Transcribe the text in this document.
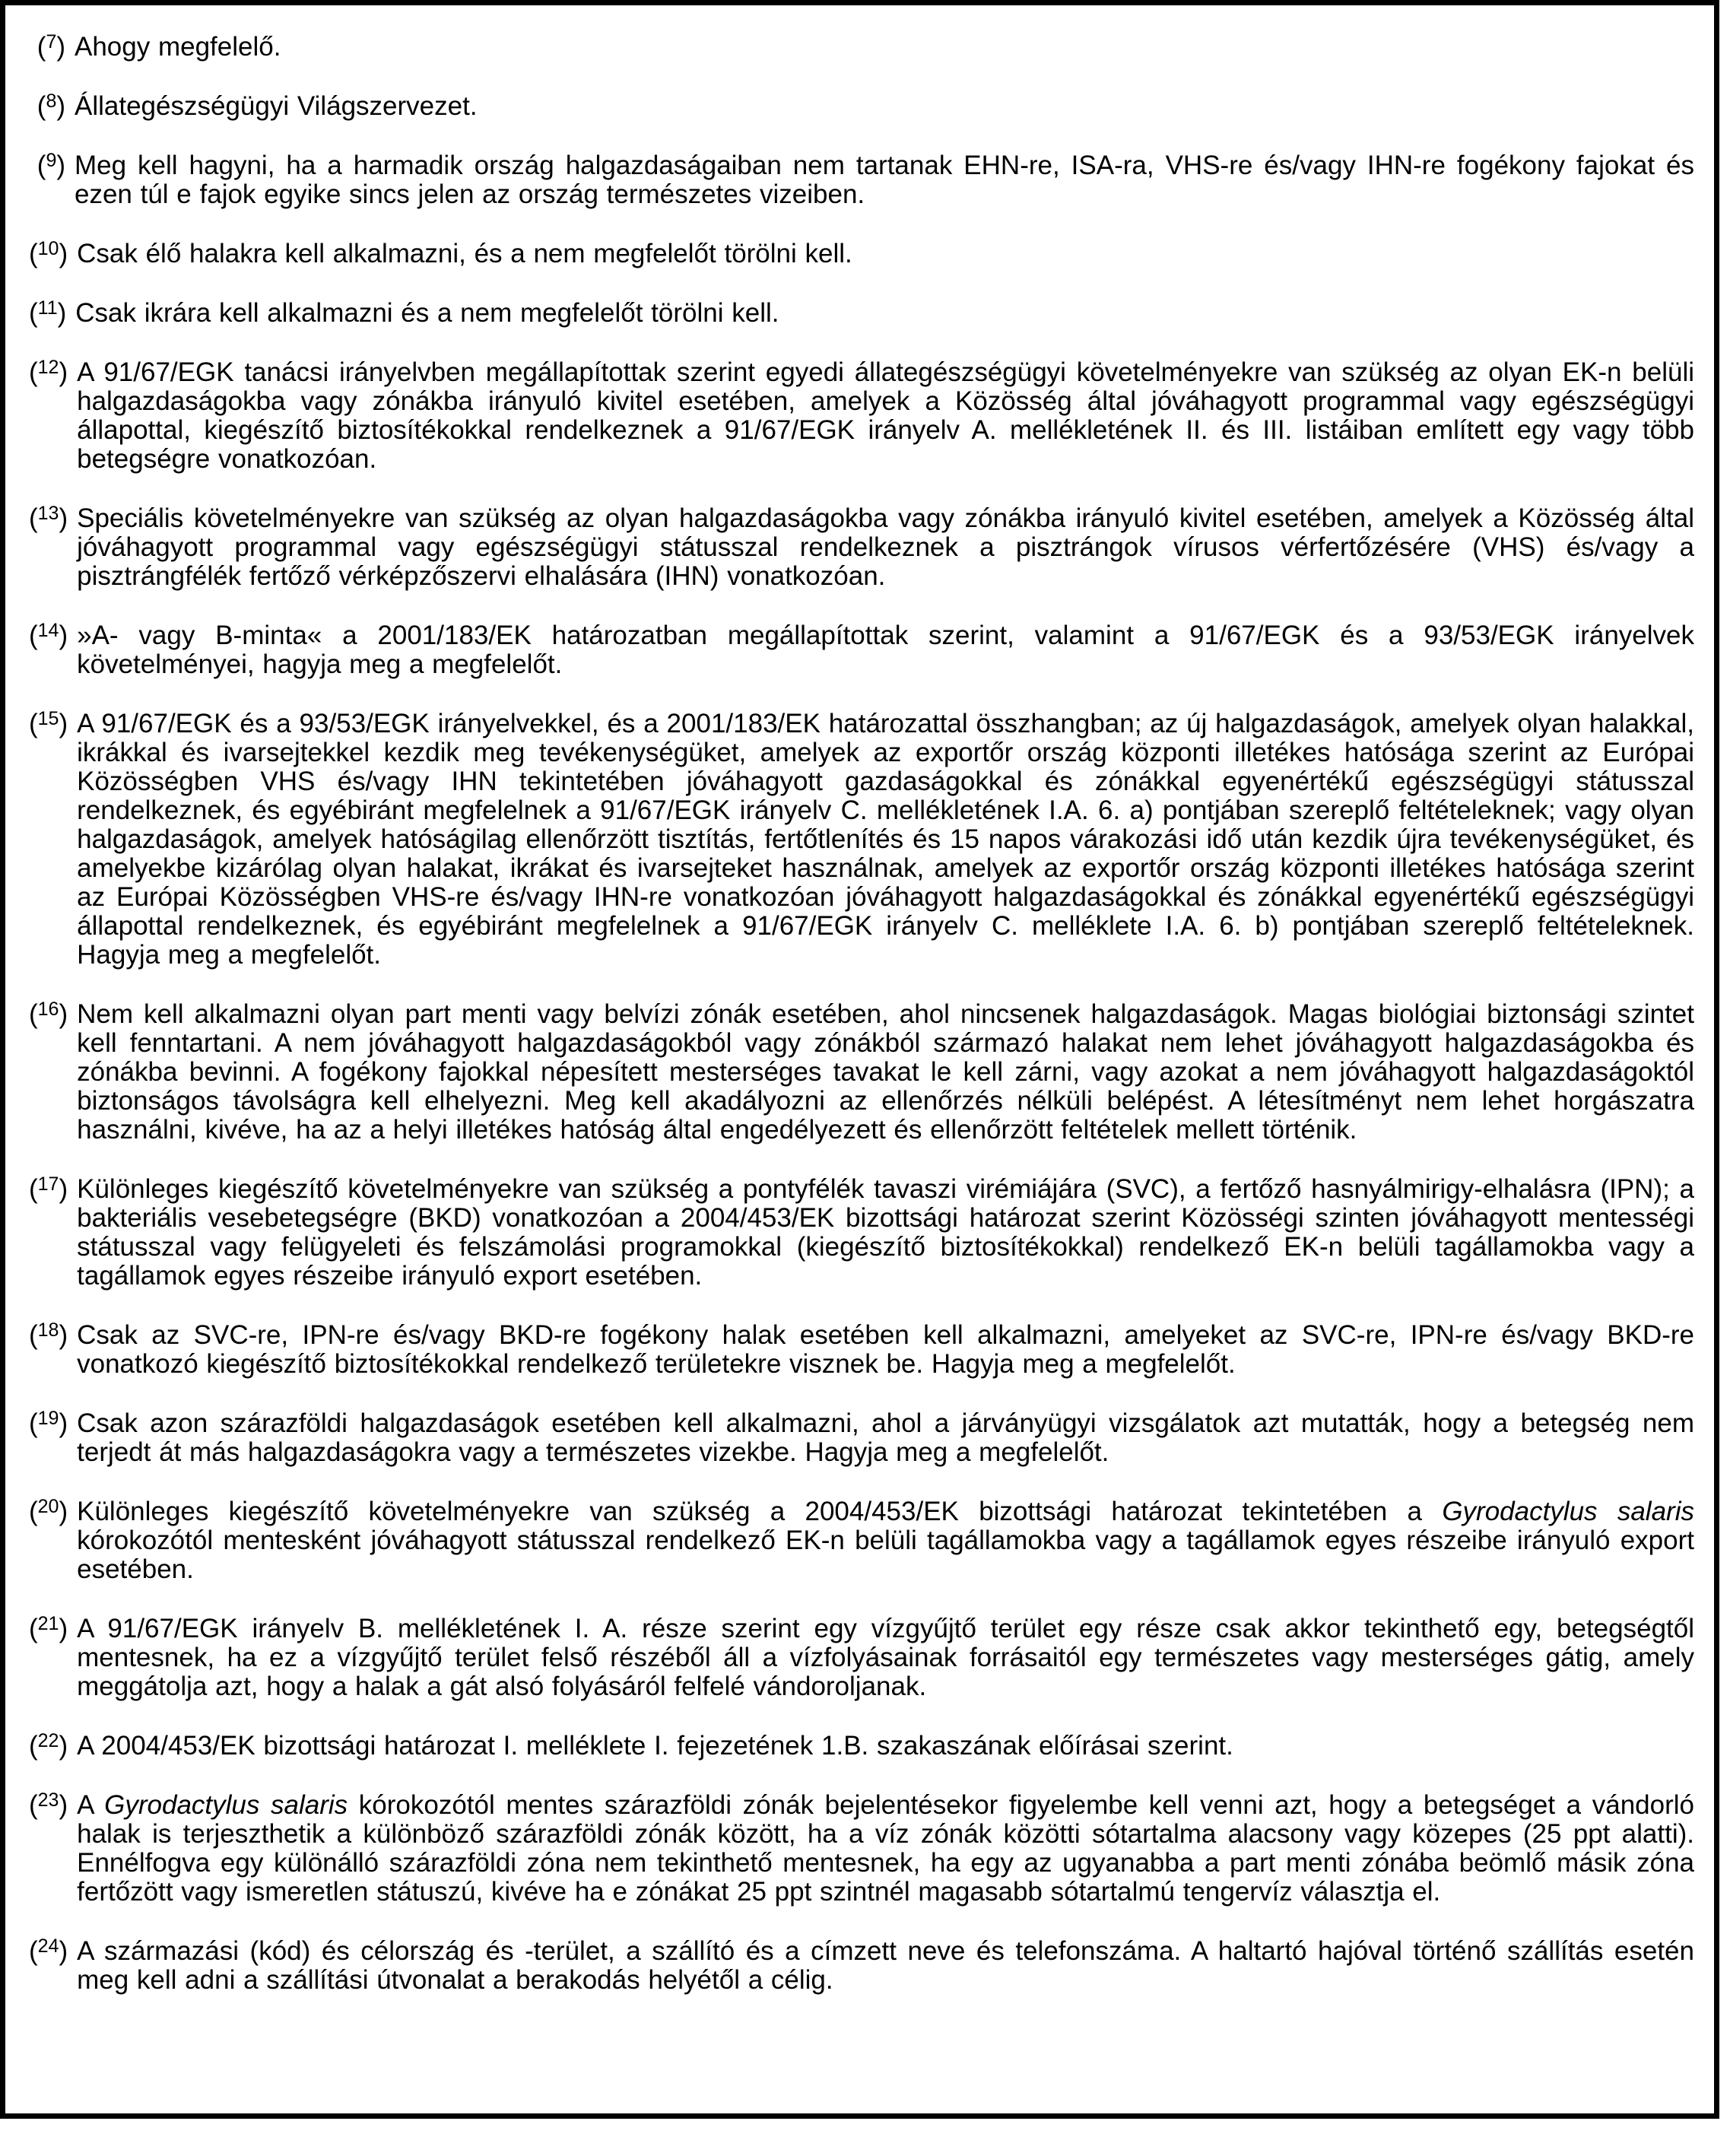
($^7$) Ahogy megfelelő.
($^8$) Állategészségügyi Világszervezet.
($^9$) Meg kell hagyni, ha a harmadik ország halgazdaságaiban nem tartanak EHN-re, ISA-ra, VHS-re és/vagy IHN-re fogékony fajokat és ezen túl e fajok egyike sincs jelen az ország természetes vizeiben.
($^{10}$) Csak élő halakra kell alkalmazni, és a nem megfelelőt törölni kell.
($^{11}$) Csak ikrára kell alkalmazni és a nem megfelelőt törölni kell.
($^{12}$) A 91/67/EGK tanácsi irányelvben megállapítottak szerint egyedi állategészségügyi követelményekre van szükség az olyan EK-n belüli halgazdaságokba vagy zónákba irányuló kivitel esetében, amelyek a Közösség által jóváhagyott programmal vagy egészségügyi állapottal, kiegészítő biztosítékokkal rendelkeznek a 91/67/EGK irányelv A. mellékletének II. és III. listáiban említett egy vagy több betegségre vonatkozóan.
($^{13}$) Speciális követelményekre van szükség az olyan halgazdaságokba vagy zónákba irányuló kivitel esetében, amelyek a Közösség által jóváhagyott programmal vagy egészségügyi státusszal rendelkeznek a pisztrángok vírusos vérfertőzésére (VHS) és/vagy a pisztrángfélék fertőző vérképzőszervi elhalására (IHN) vonatkozóan.
($^{14}$) »A- vagy B-minta« a 2001/183/EK határozatban megállapítottak szerint, valamint a 91/67/EGK és a 93/53/EGK irányelvek követelményei, hagyja meg a megfelelőt.
($^{15}$) A 91/67/EGK és a 93/53/EGK irányelvekkel, és a 2001/183/EK határozattal összhangban; az új halgazdaságok, amelyek olyan halakkal, ikrákkal és ivarsejtekkel kezdik meg tevékenységüket, amelyek az exportőr ország központi illetékes hatósága szerint az Európai Közösségben VHS és/vagy IHN tekintetében jóváhagyott gazdaságokkal és zónákkal egyenértékű egészségügyi státusszal rendelkeznek, és egyébiránt megfelelnek a 91/67/EGK irányelv C. mellékletének I.A. 6. a) pontjában szereplő feltételeknek; vagy olyan halgazdaságok, amelyek hatóságilag ellenőrzött tisztítás, fertőtlenítés és 15 napos várakozási idő után kezdik újra tevékenységüket, és amelyekbe kizárólag olyan halakat, ikrákat és ivarsejteket használnak, amelyek az exportőr ország központi illetékes hatósága szerint az Európai Közösségben VHS-re és/vagy IHN-re vonatkozóan jóváhagyott halgazdaságokkal és zónákkal egyenértékű egészségügyi állapottal rendelkeznek, és egyébiránt megfelelnek a 91/67/EGK irányelv C. melléklete I.A. 6. b) pontjában szereplő feltételeknek. Hagyja meg a megfelelőt.
($^{16}$) Nem kell alkalmazni olyan part menti vagy belvízi zónák esetében, ahol nincsenek halgazdaságok. Magas biológiai biztonsági szintet kell fenntartani. A nem jóváhagyott halgazdaságokból vagy zónákból származó halakat nem lehet jóváhagyott halgazdaságokba és zónákba bevinni. A fogékony fajokkal népesített mesterséges tavakat le kell zárni, vagy azokat a nem jóváhagyott halgazdaságoktól biztonságos távolságra kell elhelyezni. Meg kell akadályozni az ellenőrzés nélküli belépést. A létesítményt nem lehet horgászatra használni, kivéve, ha az a helyi illetékes hatóság által engedélyezett és ellenőrzött feltételek mellett történik.
($^{17}$) Különleges kiegészítő követelményekre van szükség a pontyfélék tavaszi virémiájára (SVC), a fertőző hasnyálmirigy-elhalásra (IPN); a bakteriális vesebetegségre (BKD) vonatkozóan a 2004/453/EK bizottsági határozat szerint Közösségi szinten jóváhagyott mentességi státusszal vagy felügyeleti és felszámolási programokkal (kiegészítő biztosítékokkal) rendelkező EK-n belüli tagállamokba vagy a tagállamok egyes részeibe irányuló export esetében.
($^{18}$) Csak az SVC-re, IPN-re és/vagy BKD-re fogékony halak esetében kell alkalmazni, amelyeket az SVC-re, IPN-re és/vagy BKD-re vonatkozó kiegészítő biztosítékokkal rendelkező területekre visznek be. Hagyja meg a megfelelőt.
($^{19}$) Csak azon szárazföldi halgazdaságok esetében kell alkalmazni, ahol a járványügyi vizsgálatok azt mutatták, hogy a betegség nem terjedt át más halgazdaságokra vagy a természetes vizekbe. Hagyja meg a megfelelőt.
($^{20}$) Különleges kiegészítő követelményekre van szükség a 2004/453/EK bizottsági határozat tekintetében a Gyrodactylus salaris kórokozótól mentesként jóváhagyott státusszal rendelkező EK-n belüli tagállamokba vagy a tagállamok egyes részeibe irányuló export esetében.
($^{21}$) A 91/67/EGK irányelv B. mellékletének I. A. része szerint egy vízgyűjtő terület egy része csak akkor tekinthető egy, betegségtől mentesnek, ha ez a vízgyűjtő terület felső részéből áll a vízfolyásainak forrásaitól egy természetes vagy mesterséges gátig, amely meggátolja azt, hogy a halak a gát alsó folyásáról felfelé vándoroljanak.
($^{22}$) A 2004/453/EK bizottsági határozat I. melléklete I. fejezetének 1.B. szakaszának előírásai szerint.
($^{23}$) A Gyrodactylus salaris kórokozótól mentes szárazföldi zónák bejelentésekor figyelembe kell venni azt, hogy a betegséget a vándorló halak is terjeszthetik a különböző szárazföldi zónák között, ha a víz zónák közötti sótartalma alacsony vagy közepes (25 ppt alatti). Ennélfogva egy különálló szárazföldi zóna nem tekinthető mentesnek, ha egy az ugyanabba a part menti zónába beömlő másik zóna fertőzött vagy ismeretlen státuszú, kivéve ha e zónákat 25 ppt szintnél magasabb sótartalmú tengervíz választja el.
($^{24}$) A származási (kód) és célország és -terület, a szállító és a címzett neve és telefonszáma. A haltartó hajóval történő szállítás esetén meg kell adni a szállítási útvonalat a berakodás helyétől a célig.
